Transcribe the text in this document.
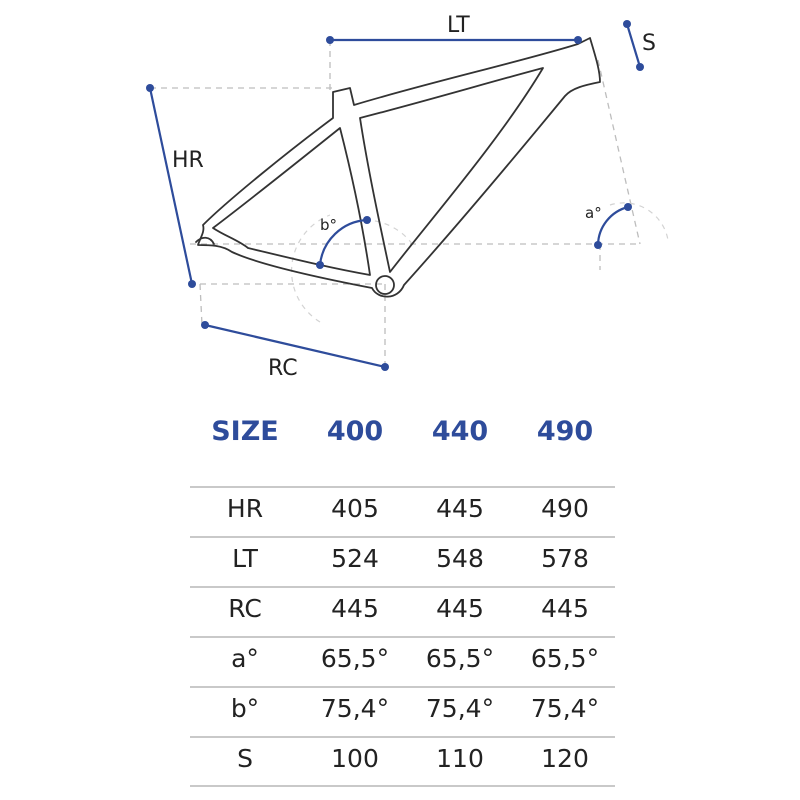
LT
S
HR
RC
b°
a°
SIZE	400	440	490
HR	405	445	490
LT	524	548	578
RC	445	445	445
a°	65,5°	65,5°	65,5°
b°	75,4°	75,4°	75,4°
S	100	110	120
